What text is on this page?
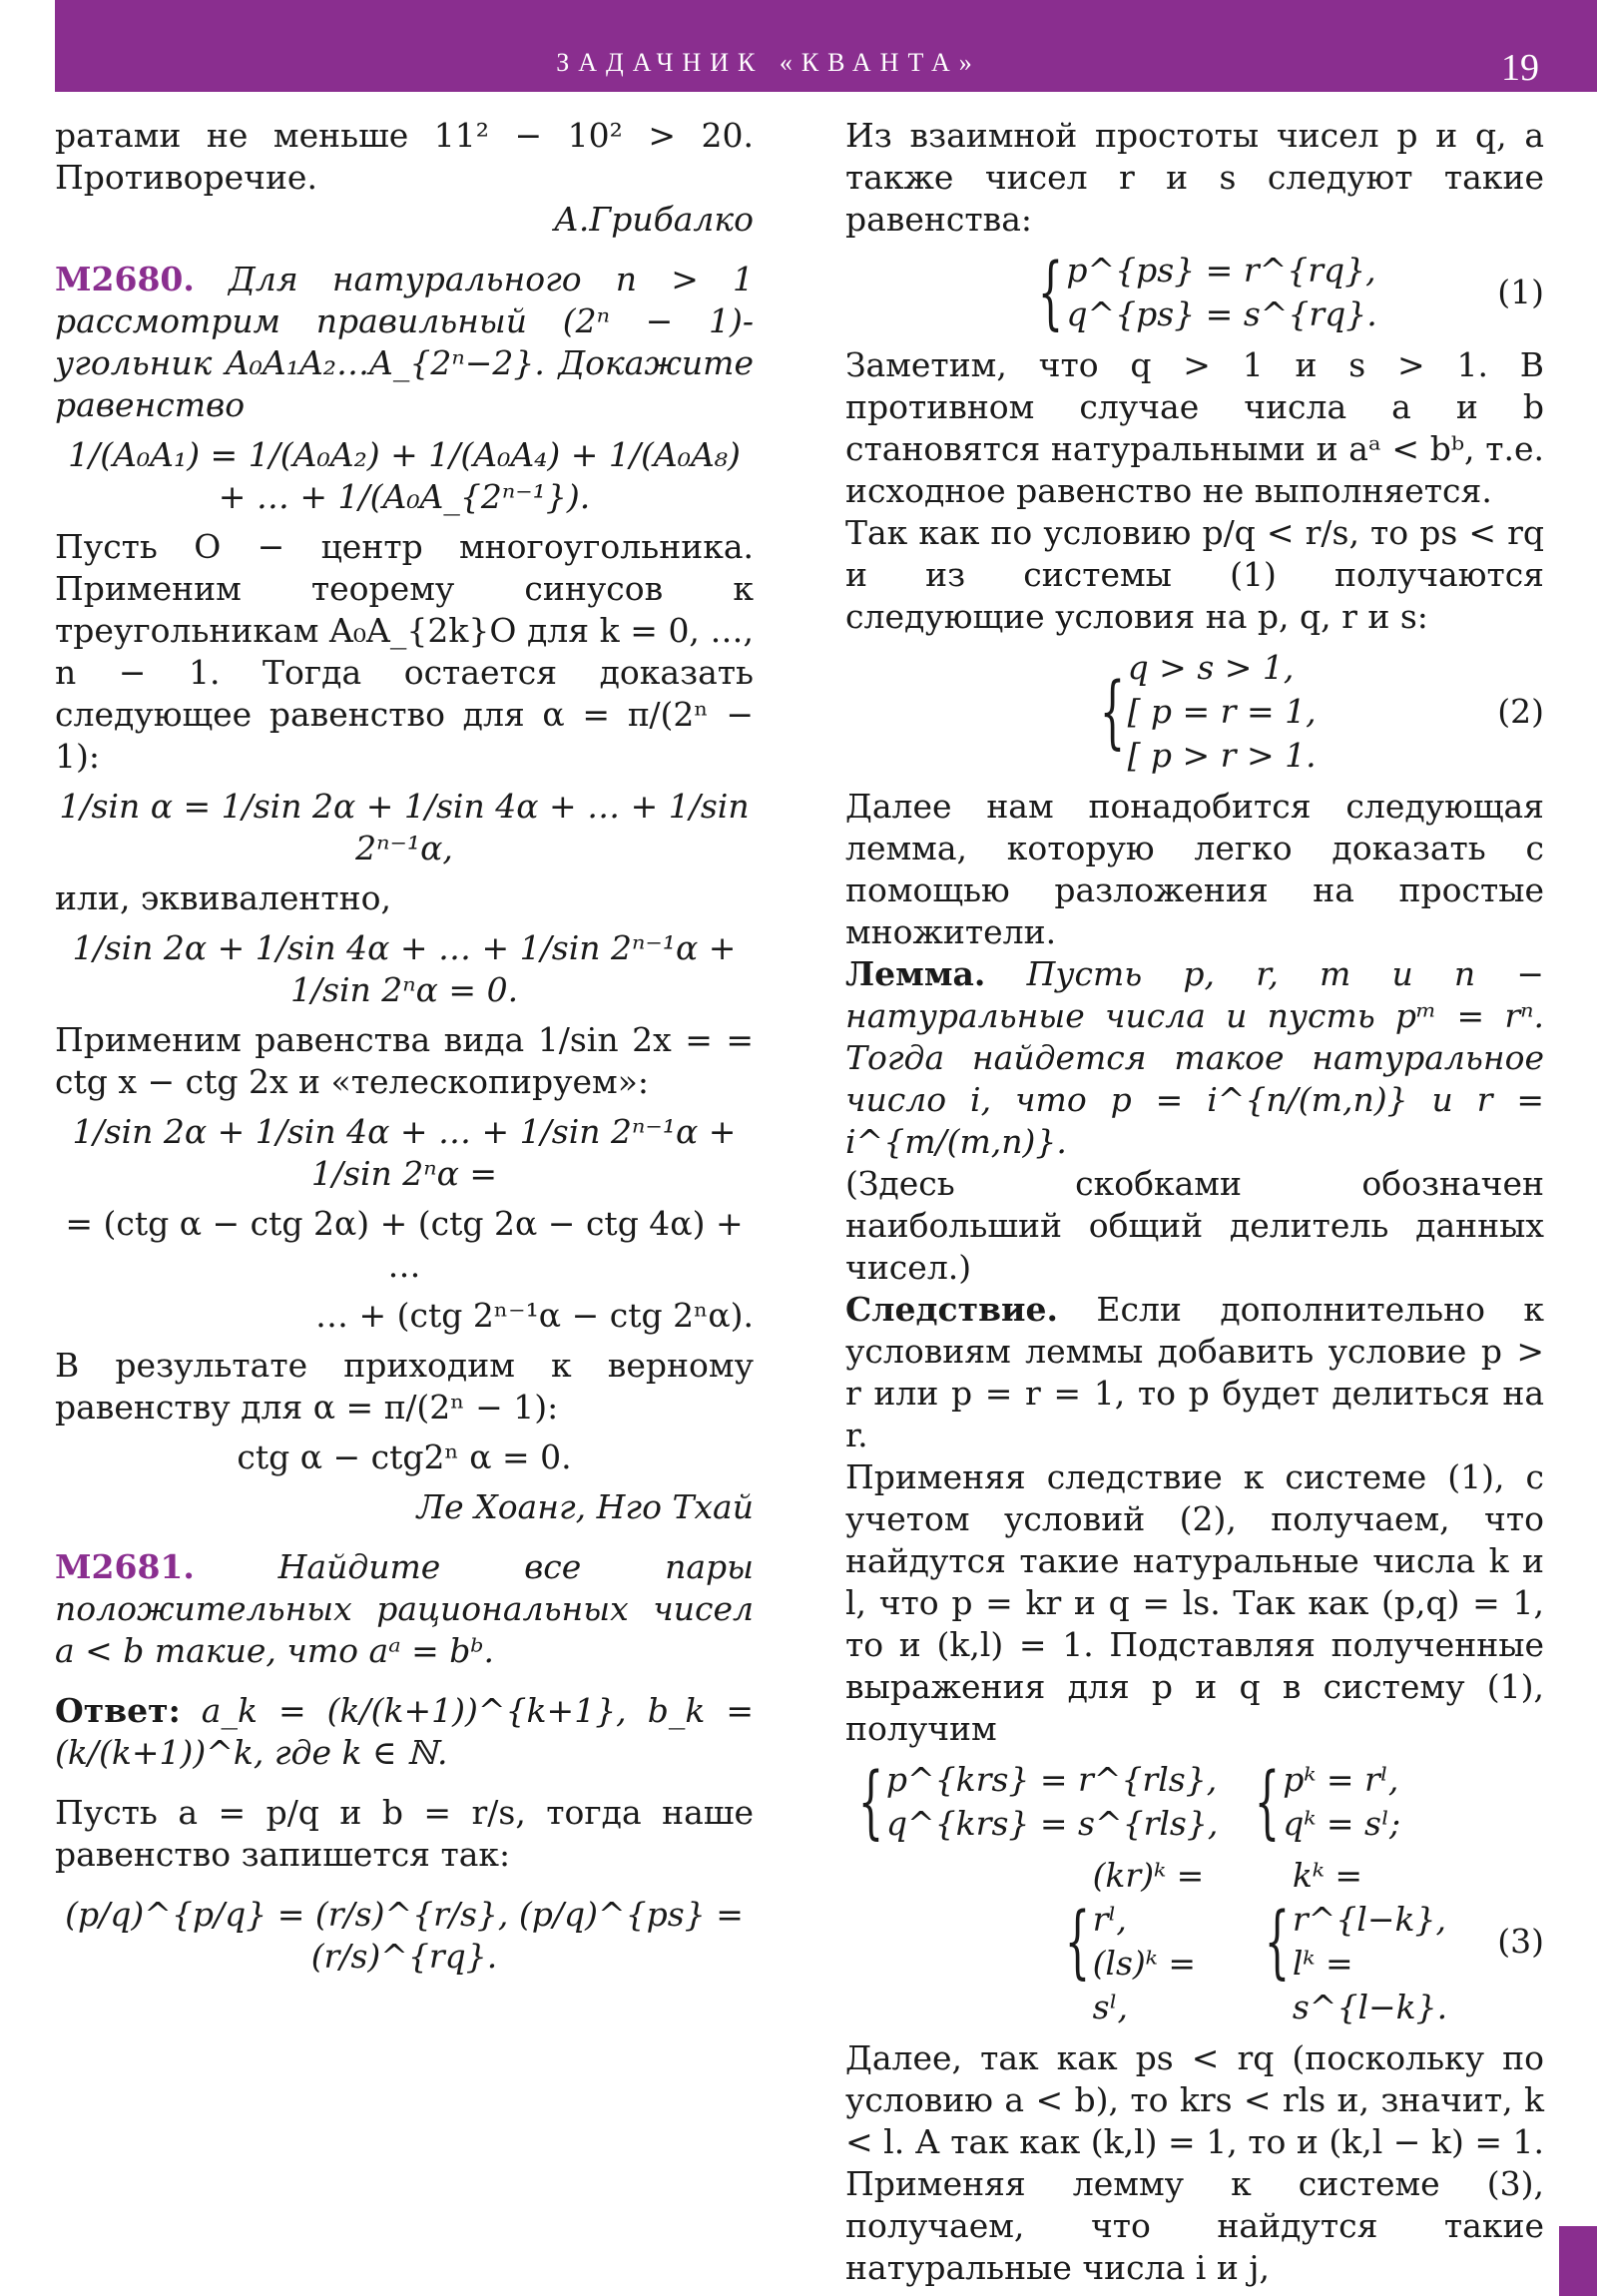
ЗАДАЧНИК «КВАНТА»	19

ратами не меньше 11² − 10² > 20. Противоречие.

А.Грибалко

М2680. Для натурального n > 1 рассмотрим правильный (2ⁿ − 1)-угольник A₀A₁A₂…A_{2ⁿ−2}. Докажите равенство

1/(A₀A₁) = 1/(A₀A₂) + 1/(A₀A₄) + 1/(A₀A₈) + … + 1/(A₀A_{2ⁿ⁻¹}).

Пусть O − центр многоугольника. Применим теорему синусов к треугольникам A₀A_{2k}O для k = 0, …, n − 1. Тогда остается доказать следующее равенство для α = π/(2ⁿ − 1):

1/sin α = 1/sin 2α + 1/sin 4α + … + 1/sin 2ⁿ⁻¹α,

или, эквивалентно,

1/sin 2α + 1/sin 4α + … + 1/sin 2ⁿ⁻¹α + 1/sin 2ⁿα = 0.

Применим равенства вида 1/sin 2x = = ctg x − ctg 2x и «телескопируем»:

1/sin 2α + 1/sin 4α + … + 1/sin 2ⁿ⁻¹α + 1/sin 2ⁿα =

= (ctg α − ctg 2α) + (ctg 2α − ctg 4α) + …

… + (ctg 2ⁿ⁻¹α − ctg 2ⁿα).

В результате приходим к верному равенству для α = π/(2ⁿ − 1):

ctg α − ctg2ⁿ α = 0.

Ле Хоанг, Нго Тхай

М2681.	Найдите все пары положительных рациональных чисел a < b такие, что aᵃ = bᵇ.

Ответ: a_k = (k/(k+1))^{k+1}, b_k = (k/(k+1))^k, где k ∈ ℕ.

Пусть a = p/q и b = r/s, тогда наше равенство запишется так:

(p/q)^{p/q} = (r/s)^{r/s}, (p/q)^{ps} = (r/s)^{rq}.

Из взаимной простоты чисел p и q, а также чисел r и s следуют такие равенства:

{ p^{ps} = r^{rq},
q^{ps} = s^{rq}.
(1)

Заметим, что q > 1 и s > 1. В противном случае числа a и b становятся натуральными и aᵃ < bᵇ, т.е. исходное равенство не выполняется.

Так как по условию p/q < r/s, то ps < rq и из системы (1) получаются следующие условия на p, q, r и s:

{ q > s > 1,
[ p = r = 1,
[ p > r > 1.
(2)

Далее нам понадобится следующая лемма, которую легко доказать с помощью разложения на простые множители.

Лемма. Пусть p, r, m и n − натуральные числа и пусть pᵐ = rⁿ. Тогда найдется такое натуральное число i, что p = i^{n/(m,n)} и r = i^{m/(m,n)}.

(Здесь скобками обозначен наибольший общий делитель данных чисел.)

Следствие. Если дополнительно к условиям леммы добавить условие p > r или p = r = 1, то p будет делиться на r.

Применяя следствие к системе (1), с учетом условий (2), получаем, что найдутся такие натуральные числа k и l, что p = kr и q = ls. Так как (p,q) = 1, то и (k,l) = 1. Подставляя полученные выражения для p и q в систему (1), получим

{ p^{krs} = r^{rls},
q^{krs} = s^{rls}, { pᵏ = rˡ,
qᵏ = sˡ;
{
(kr)ᵏ = rˡ,
(ls)ᵏ = sˡ,
{
kᵏ = r^{l−k},
lᵏ = s^{l−k}.
(3)

Далее, так как ps < rq (поскольку по условию a < b), то krs < rls и, значит, k < l. А так как (k,l) = 1, то и (k,l − k) = 1. Применяя лемму к системе (3), получаем, что найдутся такие натуральные числа i и j,
